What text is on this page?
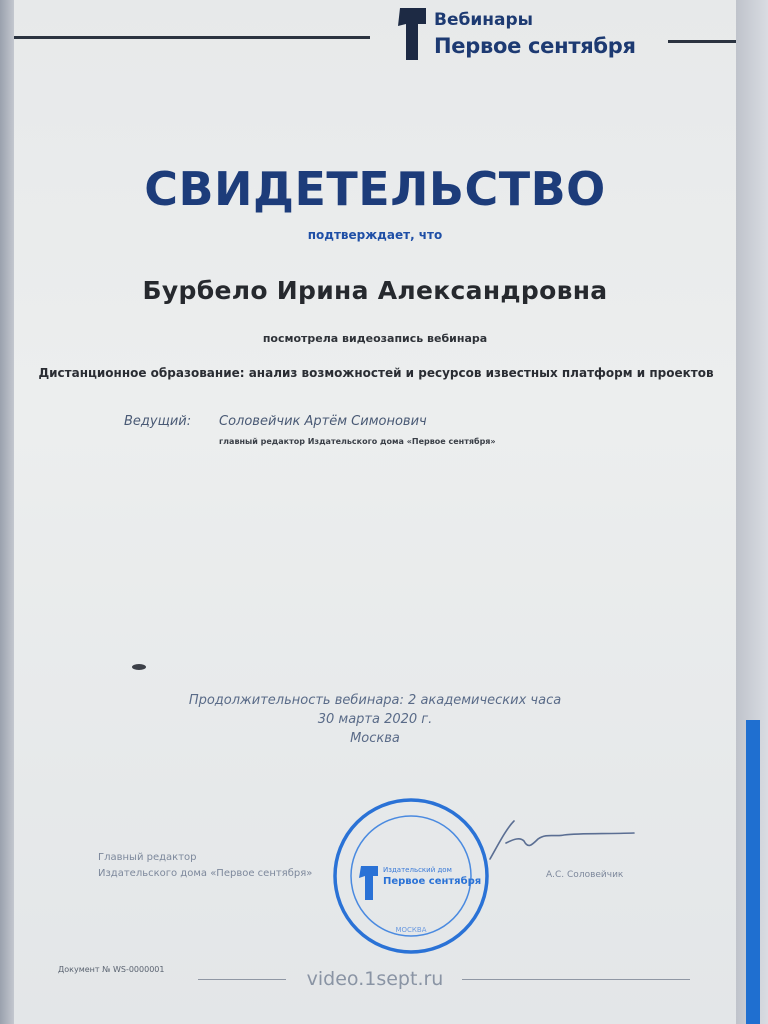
Вебинары
Первое сентября
СВИДЕТЕЛЬСТВО
подтверждает, что
Бурбело Ирина Александровна
посмотрела видеозапись вебинара
Дистанционное образование: анализ возможностей и ресурсов известных платформ и проектов
Ведущий: Соловейчик Артём Симонович
главный редактор Издательского дома «Первое сентября»
Продолжительность вебинара: 2 академических часа
30 марта 2020 г.
Москва
Главный редактор
Издательского дома «Первое сентября»	Издательский дом
Первое сентября
МОСКВА
А.С. Соловейчик
Документ № WS-0000001	video.1sept.ru
